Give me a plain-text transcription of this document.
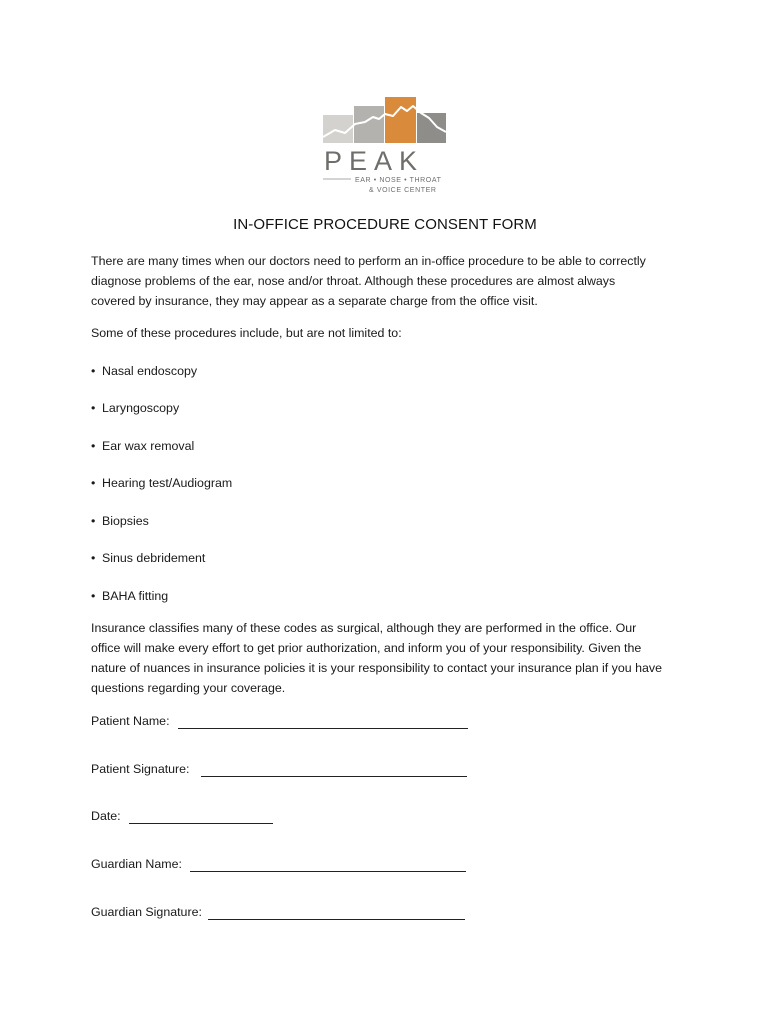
PEAK
EAR • NOSE • THROAT
& VOICE CENTER
IN-OFFICE PROCEDURE CONSENT FORM
There are many times when our doctors need to perform an in-office procedure to be able to correctly
diagnose problems of the ear, nose and/or throat. Although these procedures are almost always
covered by insurance, they may appear as a separate charge from the office visit.
Some of these procedures include, but are not limited to:
• Nasal endoscopy
• Laryngoscopy
• Ear wax removal
• Hearing test/Audiogram
• Biopsies
• Sinus debridement
• BAHA fitting
Insurance classifies many of these codes as surgical, although they are performed in the office. Our
office will make every effort to get prior authorization, and inform you of your responsibility. Given the
nature of nuances in insurance policies it is your responsibility to contact your insurance plan if you have
questions regarding your coverage.
Patient Name:
Patient Signature:
Date:
Guardian Name:
Guardian Signature:
